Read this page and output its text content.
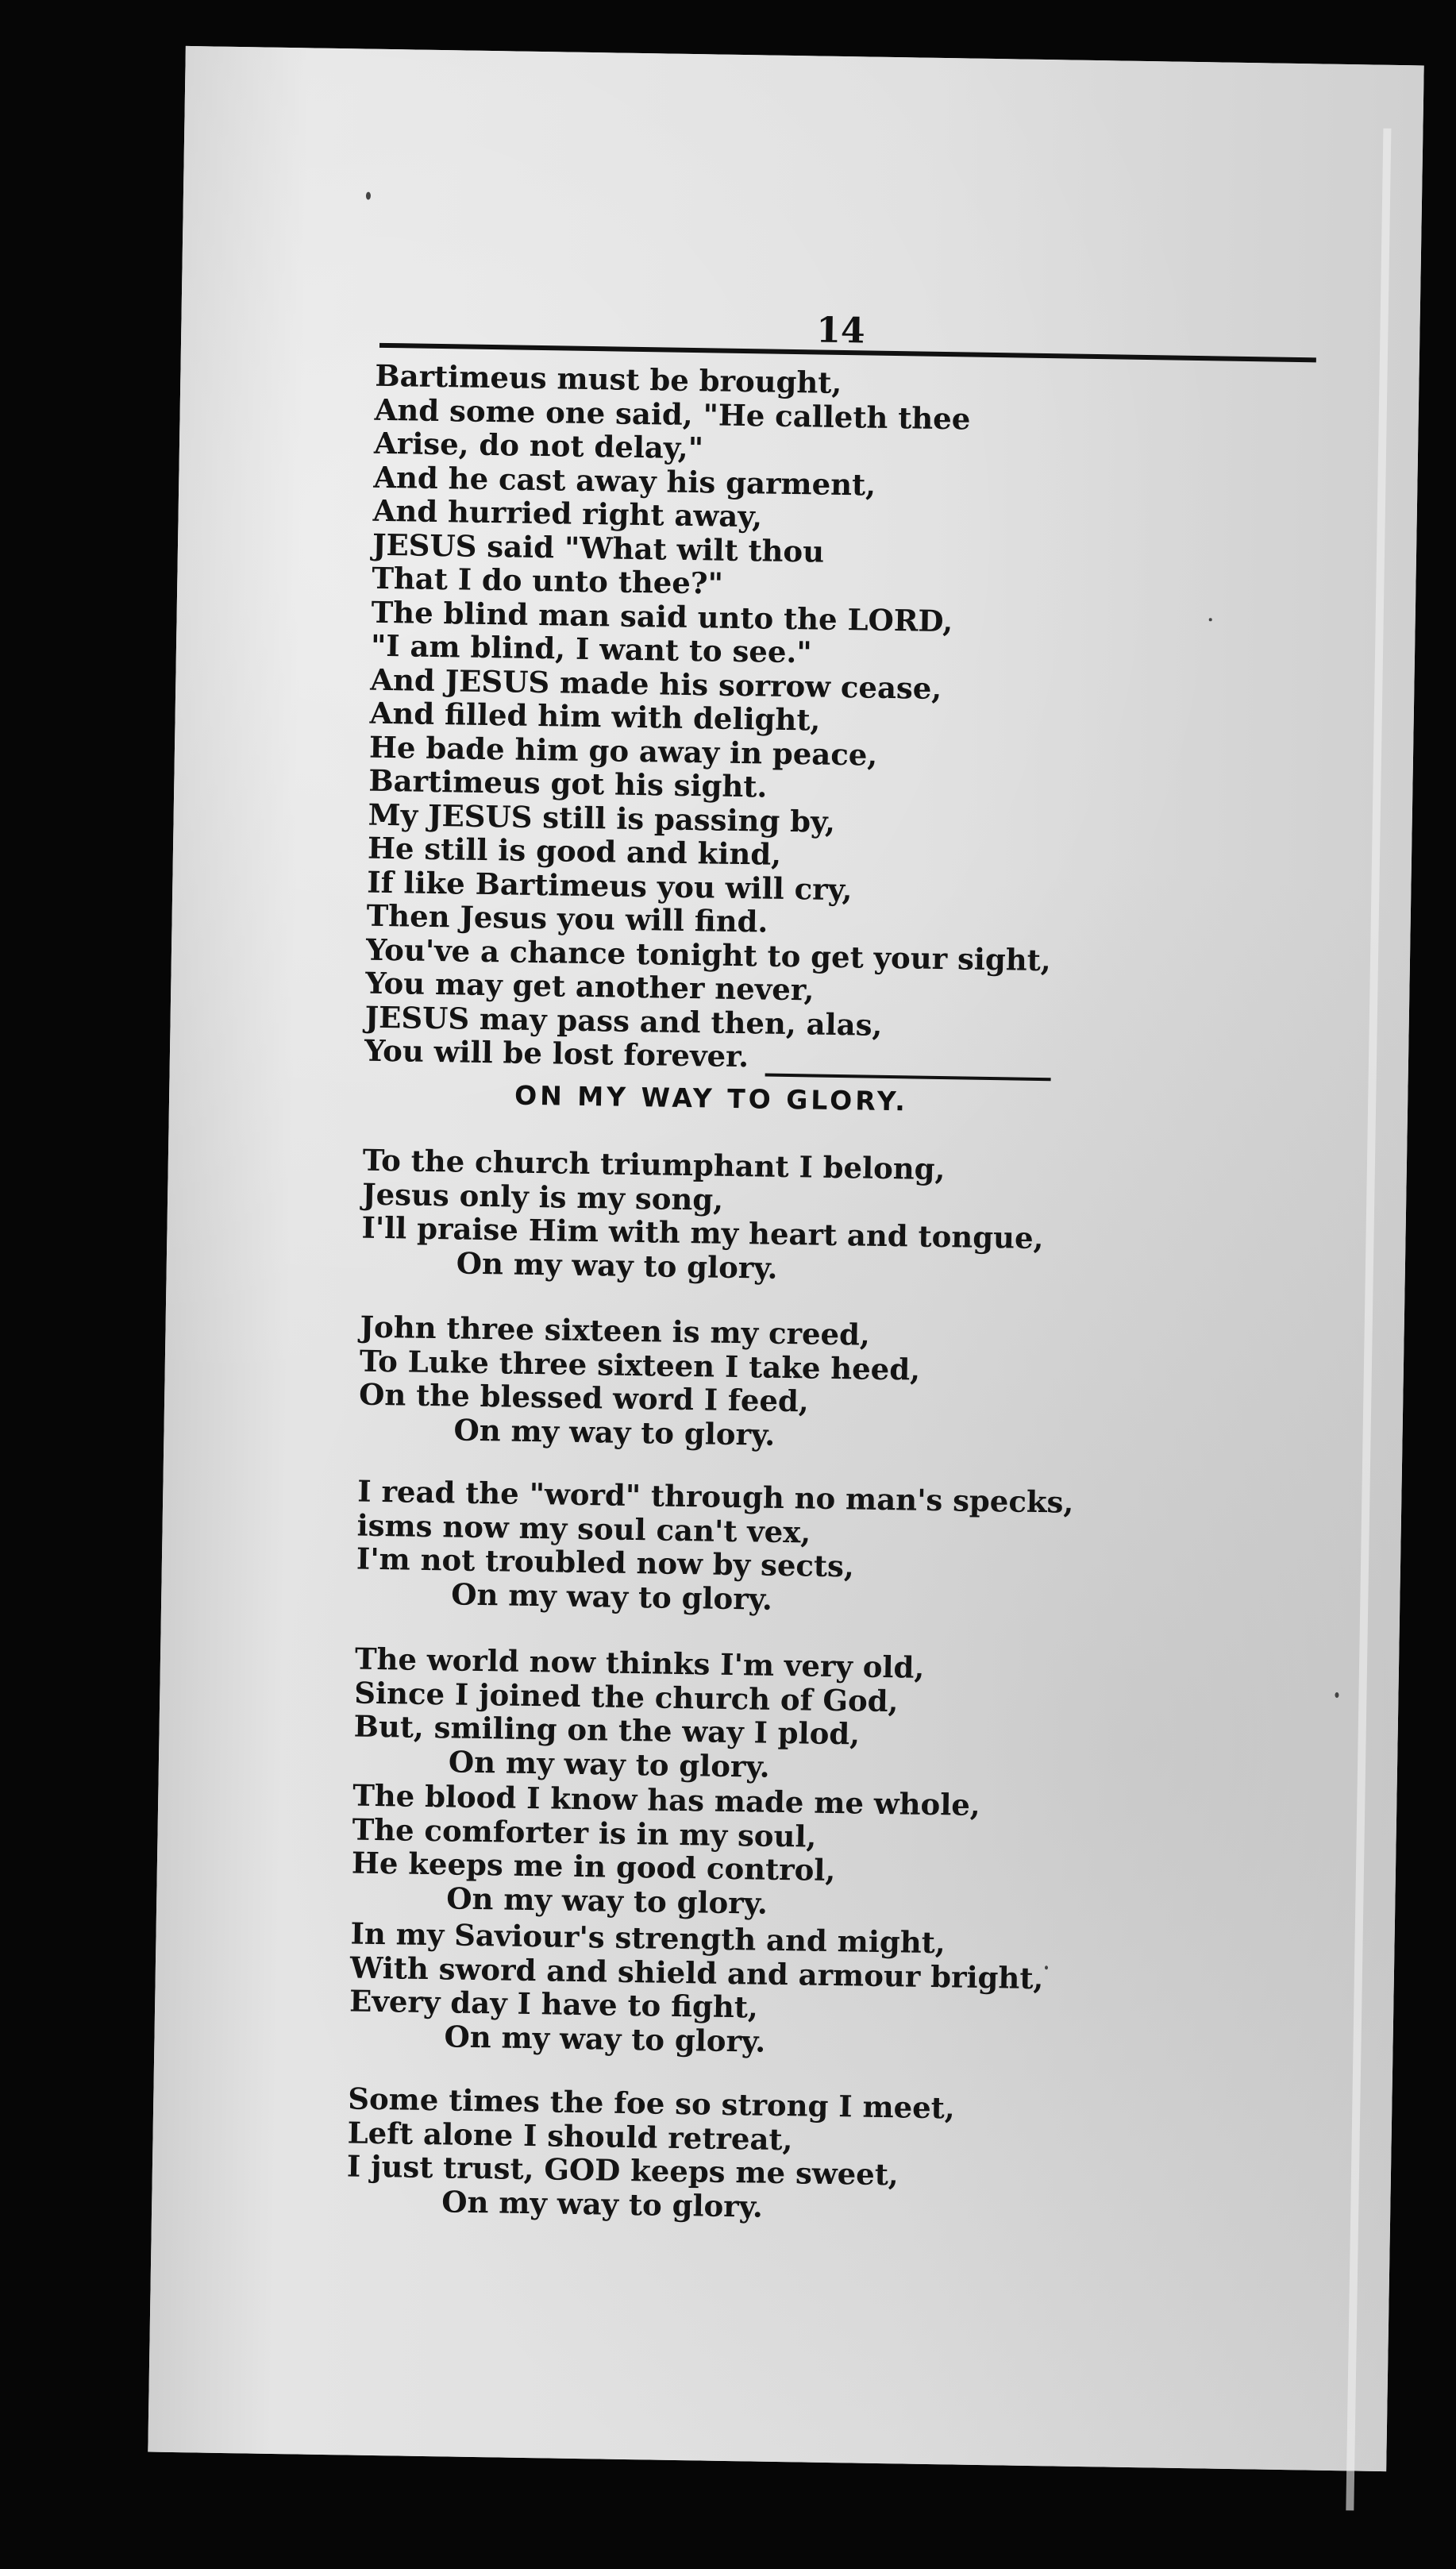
14
Bartimeus must be brought,
And some one said, "He calleth thee
Arise, do not delay,"
And he cast away his garment,
And hurried right away,
JESUS said "What wilt thou
That I do unto thee?"
The blind man said unto the LORD,
"I am blind, I want to see."
And JESUS made his sorrow cease,
And filled him with delight,
He bade him go away in peace,
Bartimeus got his sight.
My JESUS still is passing by,
He still is good and kind,
If like Bartimeus you will cry,
Then Jesus you will find.
You've a chance tonight to get your sight,
You may get another never,
JESUS may pass and then, alas,
You will be lost forever.
ON MY WAY TO GLORY.
To the church triumphant I belong,
Jesus only is my song,
I'll praise Him with my heart and tongue,
On my way to glory.
John three sixteen is my creed,
To Luke three sixteen I take heed,
On the blessed word I feed,
On my way to glory.
I read the "word" through no man's specks,
isms now my soul can't vex,
I'm not troubled now by sects,
On my way to glory.
The world now thinks I'm very old,
Since I joined the church of God,
But, smiling on the way I plod,
On my way to glory.
The blood I know has made me whole,
The comforter is in my soul,
He keeps me in good control,
On my way to glory.
In my Saviour's strength and might,
With sword and shield and armour bright,
Every day I have to fight,
On my way to glory.
Some times the foe so strong I meet,
Left alone I should retreat,
I just trust, GOD keeps me sweet,
On my way to glory.
